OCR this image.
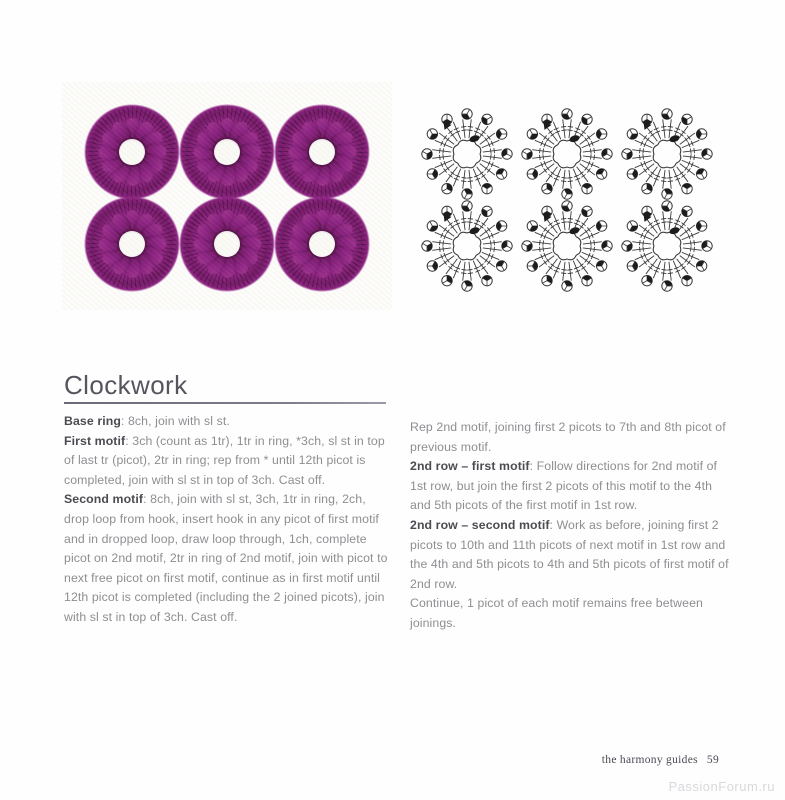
Clockwork

Base ring: 8ch, join with sl st.

First motif: 3ch (count as 1tr), 1tr in ring, *3ch, sl st in top of last tr (picot), 2tr in ring; rep from * until 12th picot is completed, join with sl st in top of 3ch. Cast off.

Second motif: 8ch, join with sl st, 3ch, 1tr in ring, 2ch, drop loop from hook, insert hook in any picot of first motif and in dropped loop, draw loop through, 1ch, complete picot on 2nd motif, 2tr in ring of 2nd motif, join with picot to next free picot on first motif, continue as in first motif until 12th picot is completed (including the 2 joined picots), join with sl st in top of 3ch. Cast off.

Rep 2nd motif, joining first 2 picots to 7th and 8th picot of previous motif.

2nd row – first motif: Follow directions for 2nd motif of 1st row, but join the first 2 picots of this motif to the 4th and 5th picots of the first motif in 1st row.

2nd row – second motif: Work as before, joining first 2 picots to 10th and 11th picots of next motif in 1st row and the 4th and 5th picots to 4th and 5th picots of first motif of 2nd row.

Continue, 1 picot of each motif remains free between joinings.

the harmony guides 59
PassionForum.ru
